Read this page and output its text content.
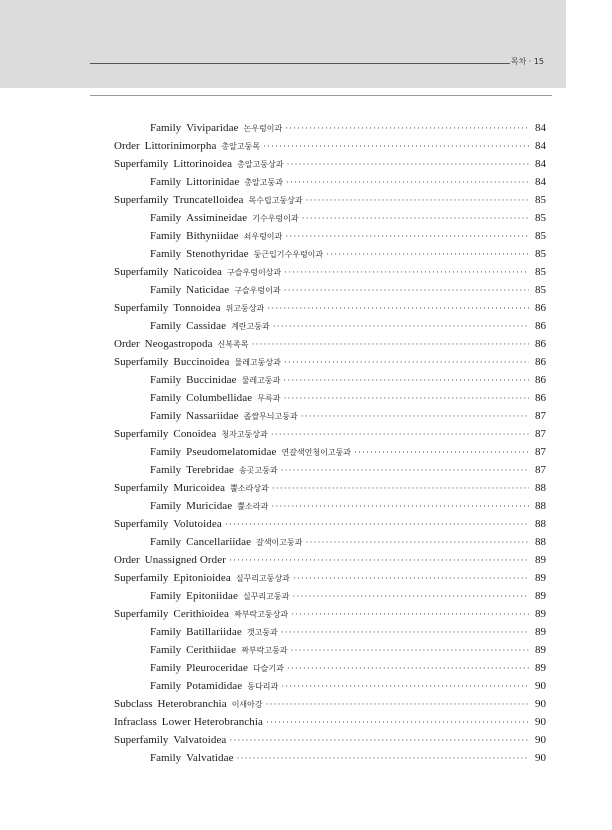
목차 · 15
Family Viviparidae 논우렁이과 ·····	84
Order Littorinimorpha 총알고둥목 ·····	84
Superfamily Littorinoidea 총알고둥상과 ·····	84
Family Littorinidae 총알고둥과 ·····	84
Superfamily Truncatelloidea 목수립고둥상과 ·····	85
Family Assimineidae 기수우렁이과 ·····	85
Family Bithyniidae 쇠우렁이과 ·····	85
Family Stenothyridae 둥근입기수우렁이과 ·····	85
Superfamily Naticoidea 구슬우렁이상과 ·····	85
Family Naticidae 구슬우렁이과 ·····	85
Superfamily Tonnoidea 위고둥상과 ·····	86
Family Cassidae 계란고둥과 ·····	86
Order Neogastropoda 신복족목 ·····	86
Superfamily Buccinoidea 물레고둥상과 ·····	86
Family Buccinidae 물레고둥과 ·····	86
Family Columbellidae 무륵과 ·····	86
Family Nassariidae 좁쌀무늬고둥과 ·····	87
Superfamily Conoidea 청자고둥상과 ·····	87
Family Pseudomelatomidae 연갈색언청이고둥과 ·····	87
Family Terebridae 송곳고둥과 ·····	87
Superfamily Muricoidea 뿔소라상과 ·····	88
Family Muricidae 뿔소라과 ·····	88
Superfamily Volutoidea ·····	88
Family Cancellariidae 갈색이고둥과 ·····	88
Order Unassigned Order ·····	89
Superfamily Epitonioidea 실꾸리고둥상과 ·····	89
Family Epitoniidae 실꾸리고둥과 ·····	89
Superfamily Cerithioidea 짜부락고둥상과 ·····	89
Family Batillariidae 갯고둥과 ·····	89
Family Cerithiidae 짜부락고둥과 ·····	89
Family Pleuroceridae 다슬기과 ·····	89
Family Potamididae 동다리과 ·····	90
Subclass Heterobranchia 이새아강 ·····	90
Infraclass Lower Heterobranchia ·····	90
Superfamily Valvatoidea ·····	90
Family Valvatidae ·····	90
